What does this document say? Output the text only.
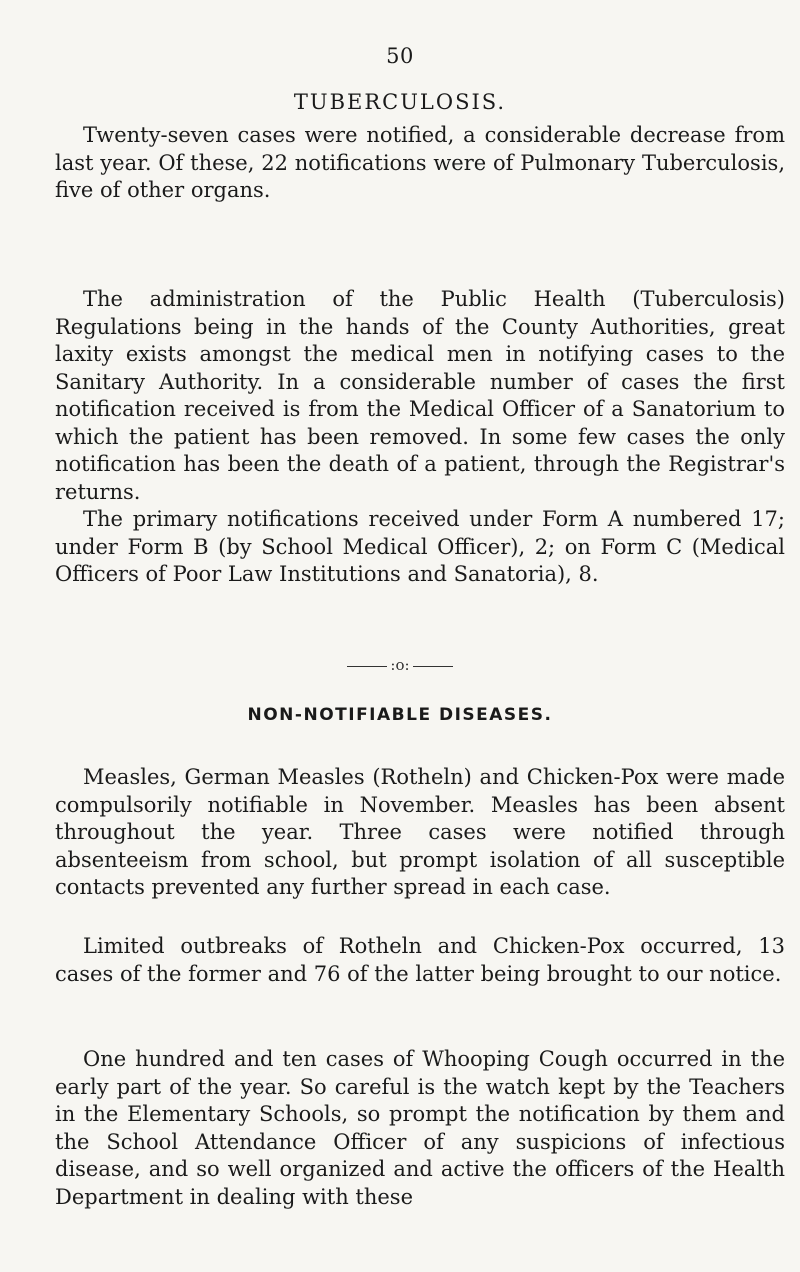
50
TUBERCULOSIS.

Twenty-seven cases were notified, a considerable decrease from last year. Of these, 22 notifications were of Pulmonary Tuberculosis, five of other organs.

The administration of the Public Health (Tuberculosis) Regulations being in the hands of the County Authorities, great laxity exists amongst the medical men in notifying cases to the Sanitary Authority. In a considerable number of cases the first notification received is from the Medical Officer of a Sanatorium to which the patient has been removed. In some few cases the only notification has been the death of a patient, through the Registrar's returns.

The primary notifications received under Form A numbered 17; under Form B (by School Medical Officer), 2; on Form C (Medical Officers of Poor Law Institutions and Sanatoria), 8.

:o:
NON-NOTIFIABLE DISEASES.

Measles, German Measles (Rotheln) and Chicken-Pox were made compulsorily notifiable in November. Measles has been absent throughout the year. Three cases were notified through absenteeism from school, but prompt isolation of all susceptible contacts prevented any further spread in each case.

Limited outbreaks of Rotheln and Chicken-Pox occurred, 13 cases of the former and 76 of the latter being brought to our notice.

One hundred and ten cases of Whooping Cough occurred in the early part of the year. So careful is the watch kept by the Teachers in the Elementary Schools, so prompt the notification by them and the School Attendance Officer of any suspicions of infectious disease, and so well organized and active the officers of the Health Department in dealing with these
